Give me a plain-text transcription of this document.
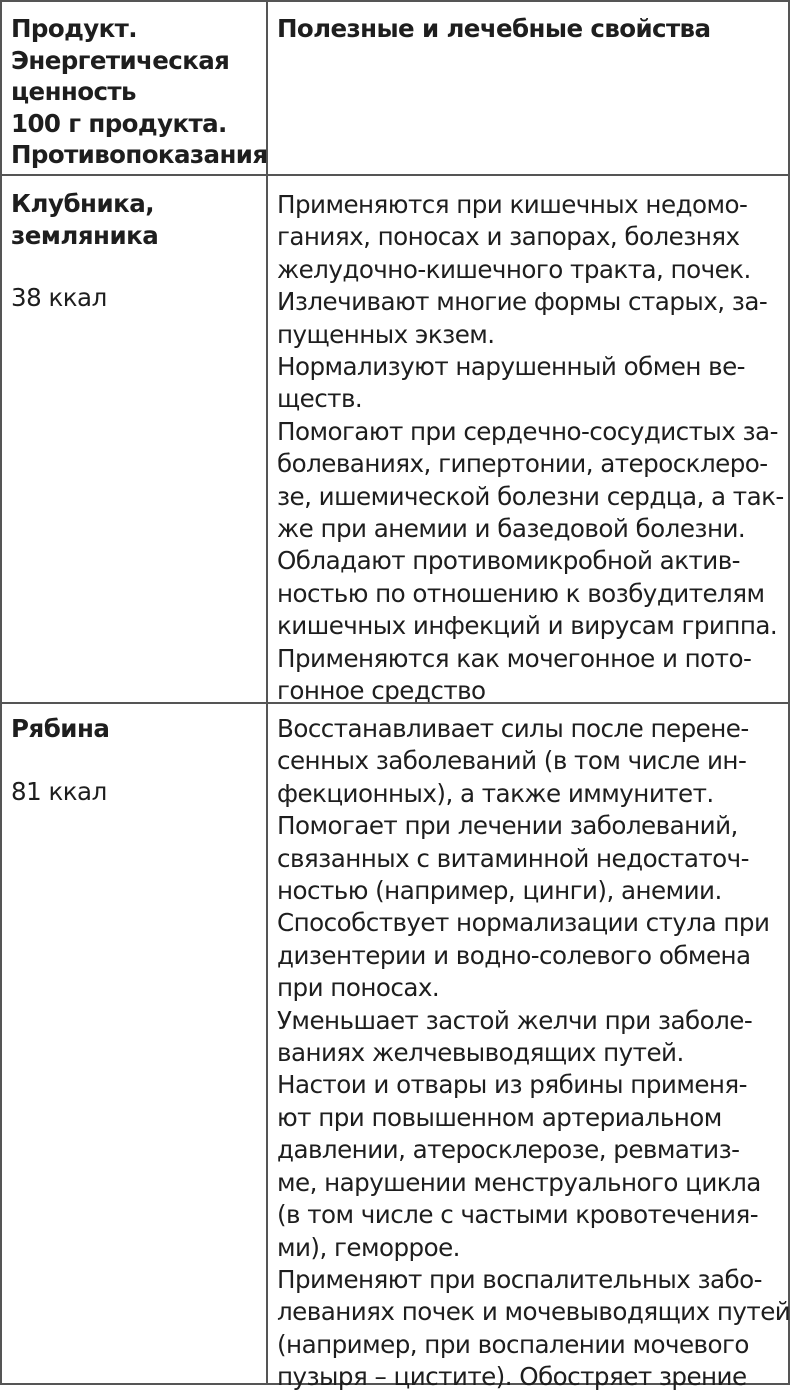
Продукт.
Энергетическая
ценность
100 г продукта.
Противопоказания
Полезные и лечебные свойства
Клубника,
земляника
38 ккал
Применяются при кишечных недомо-
ганиях, поносах и запорах, болезнях
желудочно-кишечного тракта, почек.
Излечивают многие формы старых, за-
пущенных экзем.
Нормализуют нарушенный обмен ве-
ществ.
Помогают при сердечно-сосудистых за-
болеваниях, гипертонии, атеросклеро-
зе, ишемической болезни сердца, а так-
же при анемии и базедовой болезни.
Обладают противомикробной актив-
ностью по отношению к возбудителям
кишечных инфекций и вирусам гриппа.
Применяются как мочегонное и пото-
гонное средство
Рябина
81 ккал
Восстанавливает силы после перене-
сенных заболеваний (в том числе ин-
фекционных), а также иммунитет.
Помогает при лечении заболеваний,
связанных с витаминной недостаточ-
ностью (например, цинги), анемии.
Способствует нормализации стула при
дизентерии и водно-солевого обмена
при поносах.
Уменьшает застой желчи при заболе-
ваниях желчевыводящих путей.
Настои и отвары из рябины применя-
ют при повышенном артериальном
давлении, атеросклерозе, ревматиз-
ме, нарушении менструального цикла
(в том числе с частыми кровотечения-
ми), геморрое.
Применяют при воспалительных забо-
леваниях почек и мочевыводящих путей
(например, при воспалении мочевого
пузыря – цистите). Обостряет зрение
